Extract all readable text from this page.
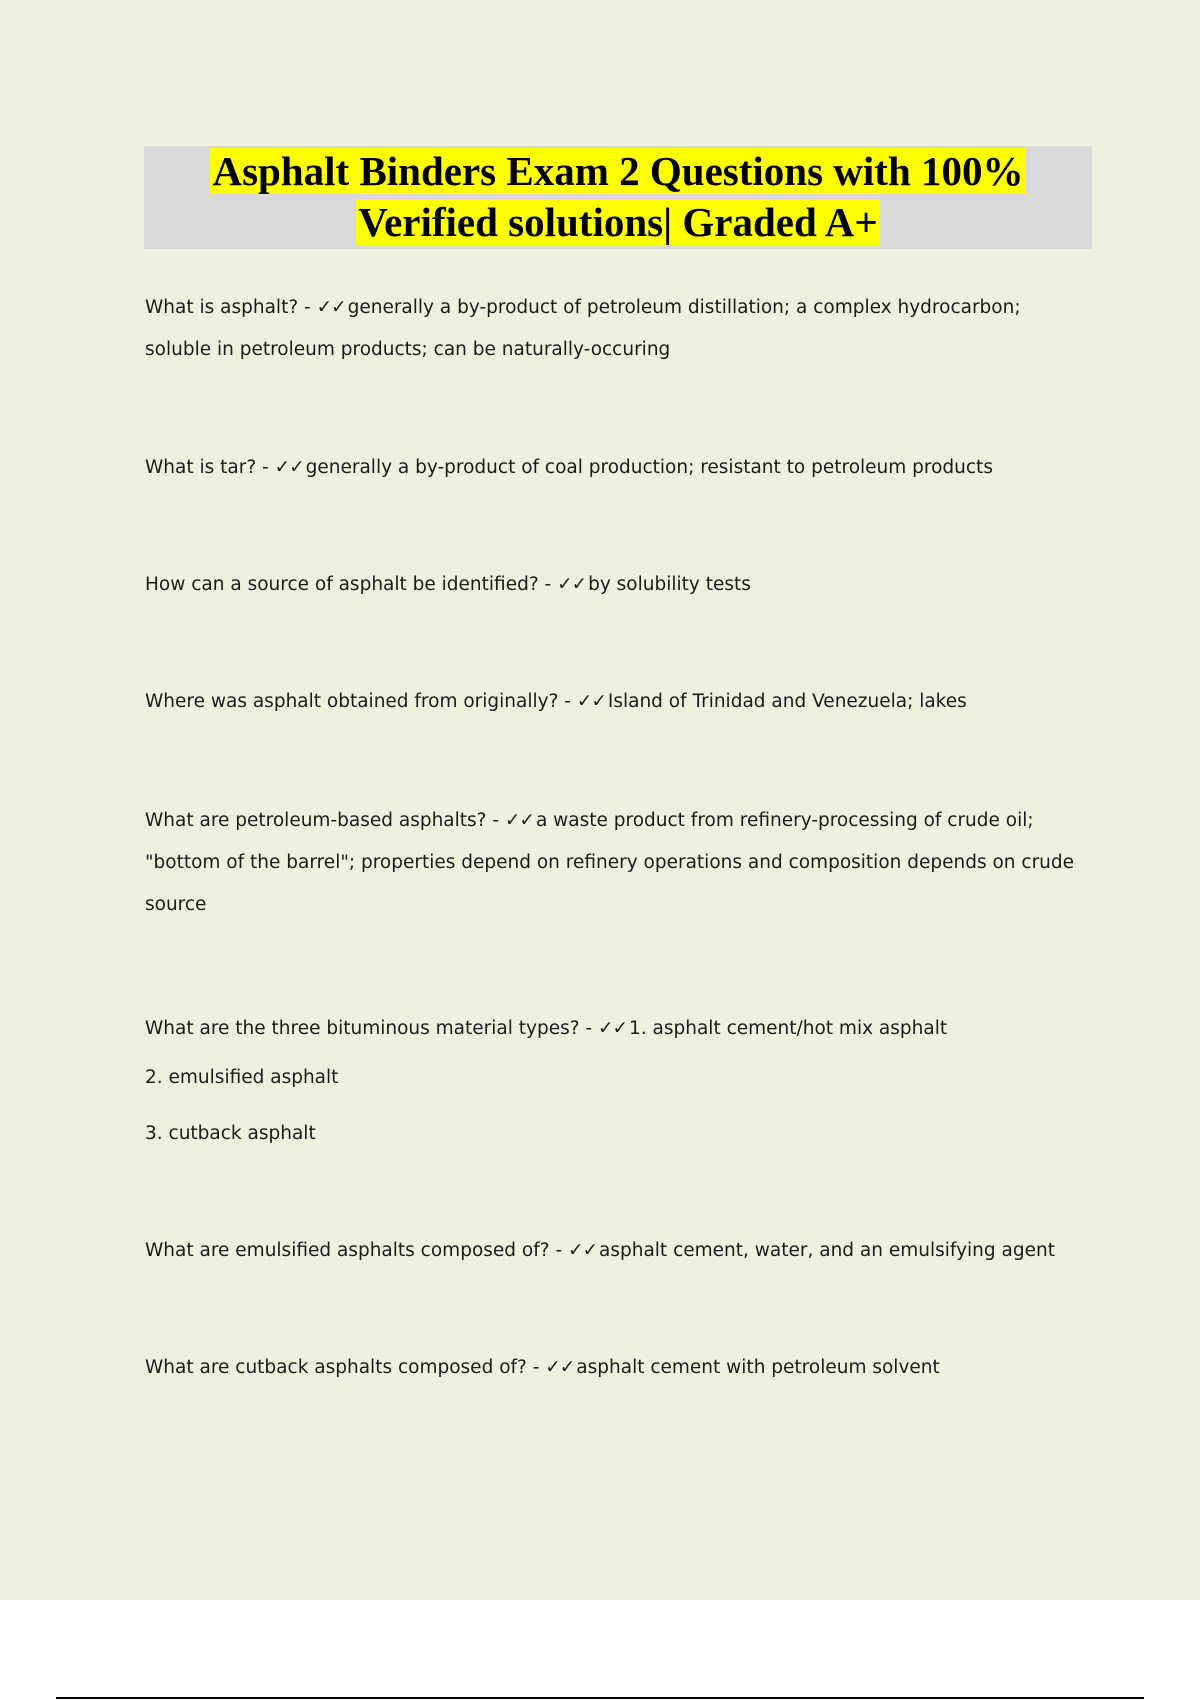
Asphalt Binders Exam 2 Questions with 100%
Verified solutions| Graded A+

What is asphalt? - ✓✓ generally a by-product of petroleum distillation; a complex hydrocarbon; soluble in petroleum products; can be naturally-occuring

What is tar? - ✓✓ generally a by-product of coal production; resistant to petroleum products

How can a source of asphalt be identified? - ✓✓ by solubility tests

Where was asphalt obtained from originally? - ✓✓ Island of Trinidad and Venezuela; lakes

What are petroleum-based asphalts? - ✓✓ a waste product from refinery-processing of crude oil; "bottom of the barrel"; properties depend on refinery operations and composition depends on crude source

What are the three bituminous material types? - ✓✓ 1. asphalt cement/hot mix asphalt

2. emulsified asphalt

3. cutback asphalt

What are emulsified asphalts composed of? - ✓✓ asphalt cement, water, and an emulsifying agent

What are cutback asphalts composed of? - ✓✓ asphalt cement with petroleum solvent
